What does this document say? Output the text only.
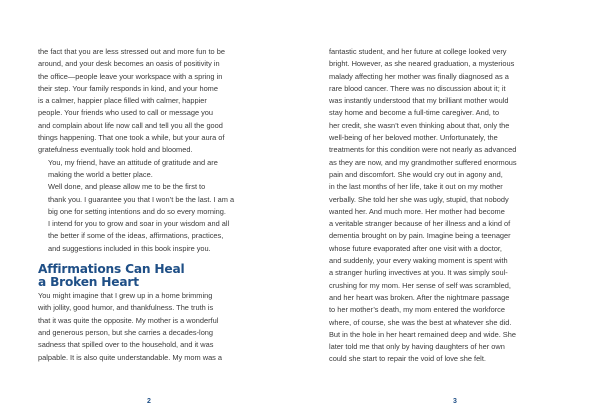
the fact that you are less stressed out and more fun to be
around, and your desk becomes an oasis of positivity in
the office—people leave your workspace with a spring in
their step. Your family responds in kind, and your home
is a calmer, happier place filled with calmer, happier
people. Your friends who used to call or message you
and complain about life now call and tell you all the good
things happening. That one took a while, but your aura of
gratefulness eventually took hold and bloomed.

You, my friend, have an attitude of gratitude and are
making the world a better place.

Well done, and please allow me to be the first to
thank you. I guarantee you that I won’t be the last. I am a
big one for setting intentions and do so every morning.
I intend for you to grow and soar in your wisdom and all
the better if some of the ideas, affirmations, practices,
and suggestions included in this book inspire you.

Affirmations Can Heal
a Broken Heart

You might imagine that I grew up in a home brimming
with jollity, good humor, and thankfulness. The truth is
that it was quite the opposite. My mother is a wonderful
and generous person, but she carries a decades-long
sadness that spilled over to the household, and it was
palpable. It is also quite understandable. My mom was a

2

fantastic student, and her future at college looked very
bright. However, as she neared graduation, a mysterious
malady affecting her mother was finally diagnosed as a
rare blood cancer. There was no discussion about it; it
was instantly understood that my brilliant mother would
stay home and become a full-time caregiver. And, to
her credit, she wasn’t even thinking about that, only the
well-being of her beloved mother. Unfortunately, the
treatments for this condition were not nearly as advanced
as they are now, and my grandmother suffered enormous
pain and discomfort. She would cry out in agony and,
in the last months of her life, take it out on my mother
verbally. She told her she was ugly, stupid, that nobody
wanted her. And much more. Her mother had become
a veritable stranger because of her illness and a kind of
dementia brought on by pain. Imagine being a teenager
whose future evaporated after one visit with a doctor,
and suddenly, your every waking moment is spent with
a stranger hurling invectives at you. It was simply soul-
crushing for my mom. Her sense of self was scrambled,
and her heart was broken. After the nightmare passage
to her mother’s death, my mom entered the workforce
where, of course, she was the best at whatever she did.
But in the hole in her heart remained deep and wide. She
later told me that only by having daughters of her own
could she start to repair the void of love she felt.

3
